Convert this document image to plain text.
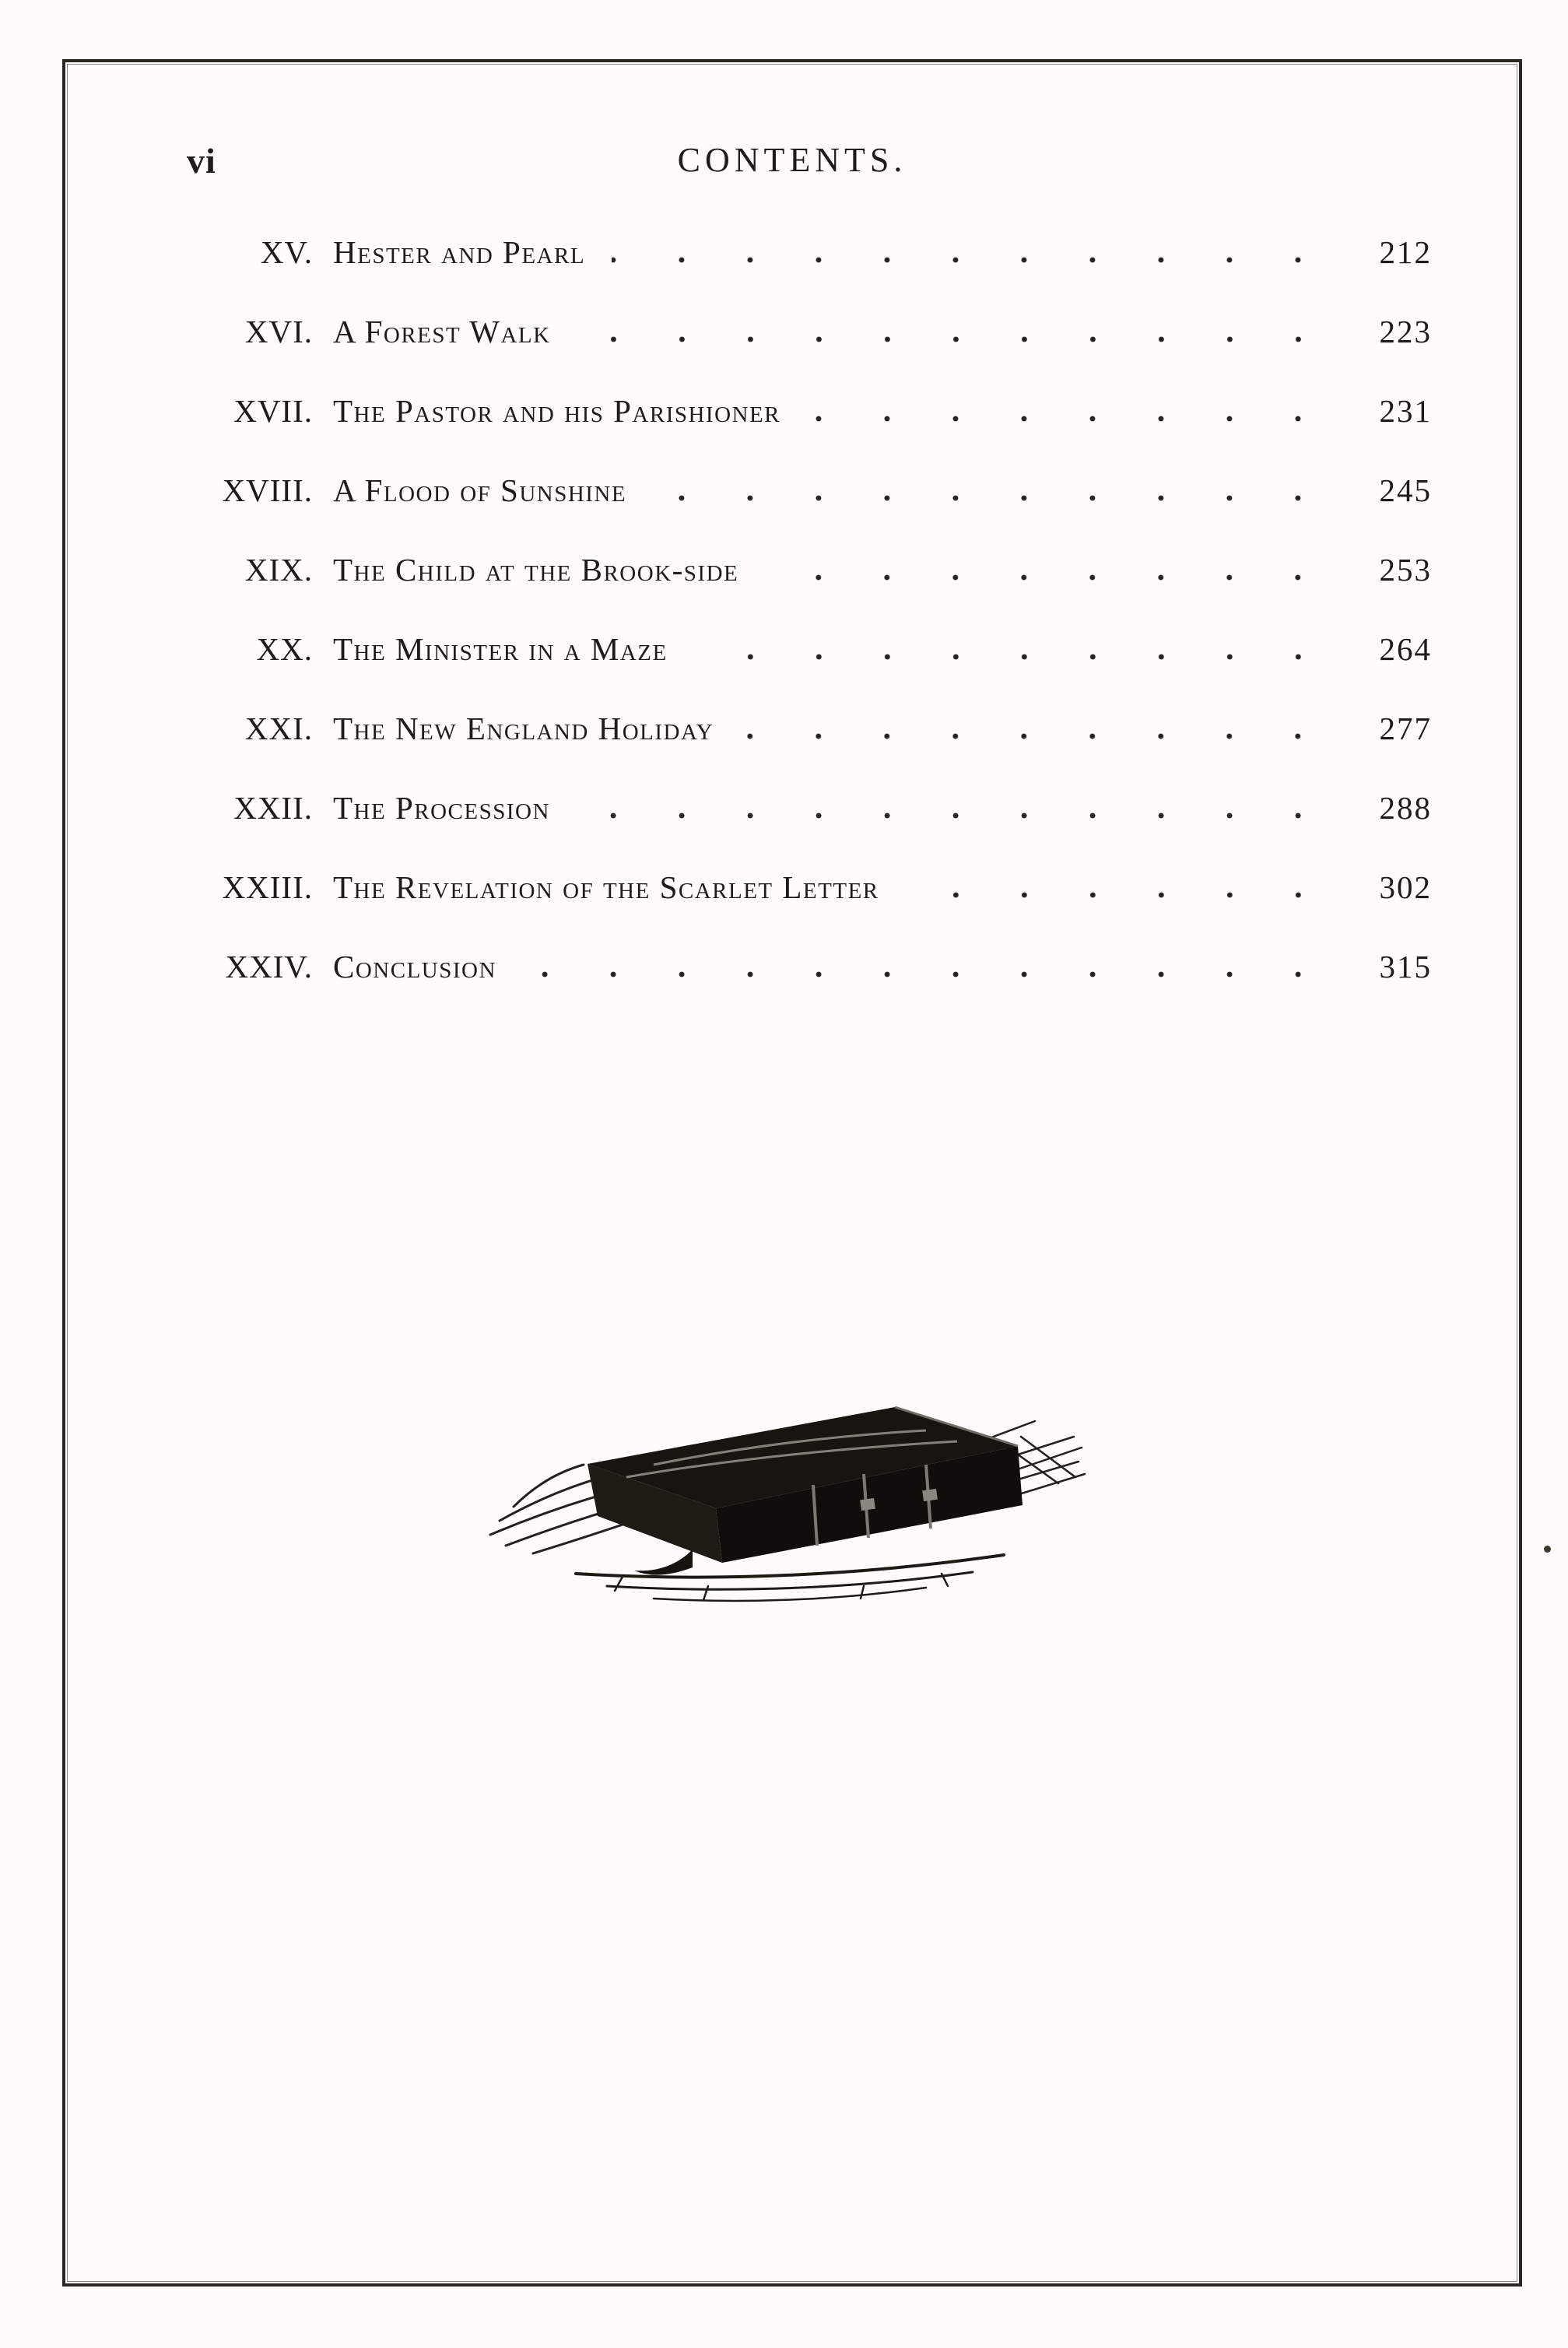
vi	CONTENTS.
XV. Hester and Pearl	212
XVI. A Forest Walk	223
XVII. The Pastor and his Parishioner	231
XVIII. A Flood of Sunshine	245
XIX. The Child at the Brook-side	253
XX. The Minister in a Maze	264
XXI. The New England Holiday	277
XXII. The Procession	288
XXIII. The Revelation of the Scarlet Letter	302
XXIV. Conclusion	315
